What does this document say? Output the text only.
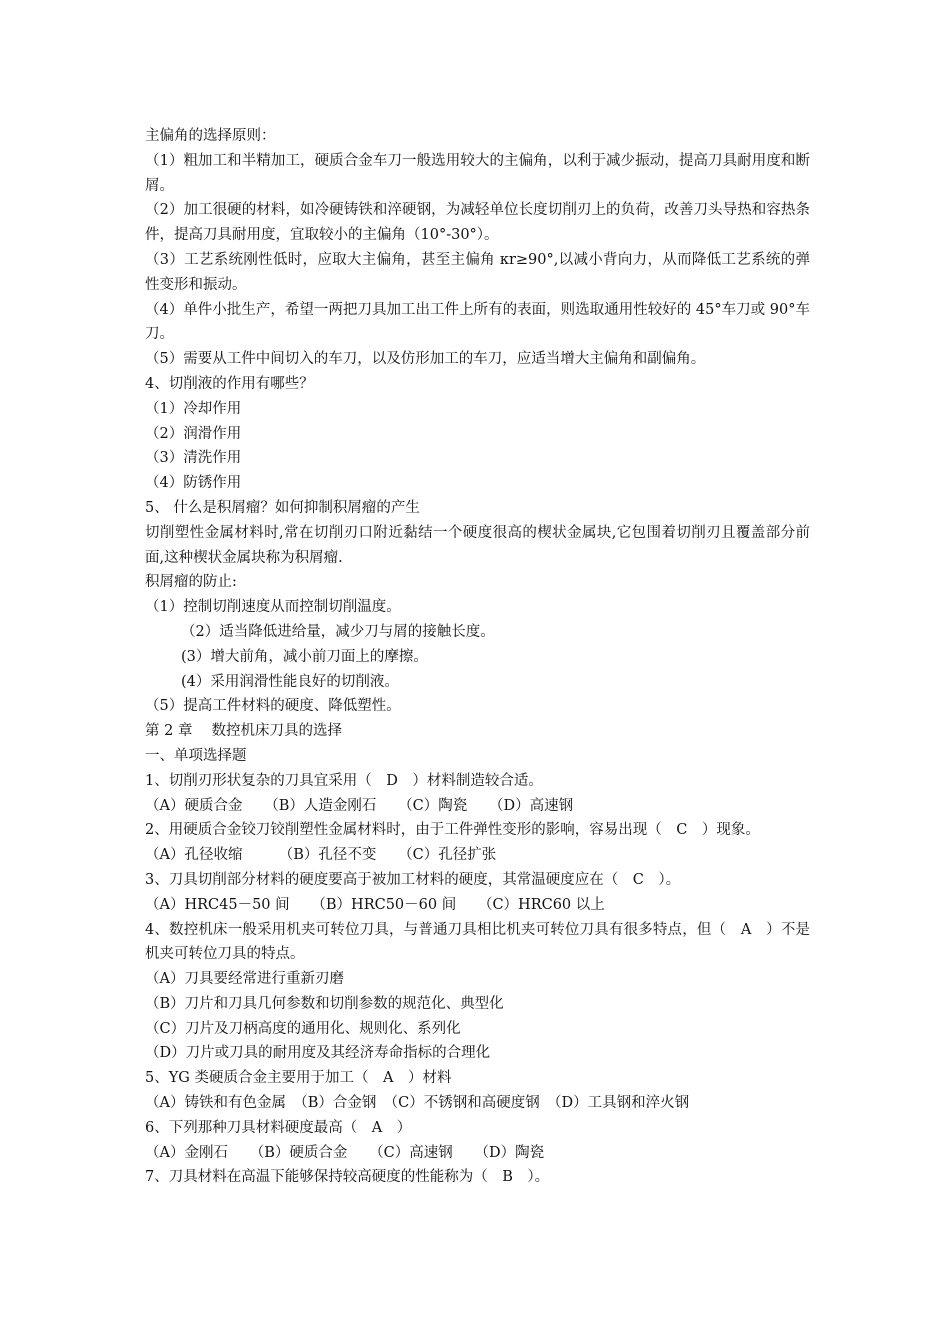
主偏角的选择原则：

（1）粗加工和半精加工，硬质合金车刀一般选用较大的主偏角，以利于减少振动，提高刀具耐用度和断屑。

（2）加工很硬的材料，如冷硬铸铁和淬硬钢，为减轻单位长度切削刃上的负荷，改善刀头导热和容热条件，提高刀具耐用度，宜取较小的主偏角（10°-30°）。

（3）工艺系统刚性低时，应取大主偏角，甚至主偏角 κr≥90°,以减小背向力，从而降低工艺系统的弹性变形和振动。

（4）单件小批生产，希望一两把刀具加工出工件上所有的表面，则选取通用性较好的 45°车刀或 90°车刀。

（5）需要从工件中间切入的车刀，以及仿形加工的车刀，应适当增大主偏角和副偏角。

4、切削液的作用有哪些？

（1）冷却作用

（2）润滑作用

（3）清洗作用

（4）防锈作用

5、 什么是积屑瘤？如何抑制积屑瘤的产生

切削塑性金属材料时,常在切削刃口附近黏结一个硬度很高的楔状金属块,它包围着切削刃且覆盖部分前面,这种楔状金属块称为积屑瘤.

积屑瘤的防止:

（1）控制切削速度从而控制切削温度。

（2）适当降低进给量，减少刀与屑的接触长度。

(3）增大前角，减小前刀面上的摩擦。

(4）采用润滑性能良好的切削液。

（5）提高工件材料的硬度、降低塑性。

第 2 章　 数控机床刀具的选择

一、单项选择题

1、切削刃形状复杂的刀具宜采用（　D　）材料制造较合适。

（A）硬质合金　　（B）人造金刚石　　（C）陶瓷　　（D）高速钢

2、用硬质合金铰刀铰削塑性金属材料时，由于工件弹性变形的影响，容易出现（　C　）现象。

（A）孔径收缩　　　（B）孔径不变　　（C）孔径扩张

3、刀具切削部分材料的硬度要高于被加工材料的硬度，其常温硬度应在（　C　）。

（A）HRC45－50 间　　（B）HRC50－60 间　　（C）HRC60 以上

4、数控机床一般采用机夹可转位刀具，与普通刀具相比机夹可转位刀具有很多特点，但（　A　）不是机夹可转位刀具的特点。

（A）刀具要经常进行重新刃磨

（B）刀片和刀具几何参数和切削参数的规范化、典型化

（C）刀片及刀柄高度的通用化、规则化、系列化

（D）刀片或刀具的耐用度及其经济寿命指标的合理化

5、YG 类硬质合金主要用于加工（　A　）材料

（A）铸铁和有色金属　（B）合金钢　（C）不锈钢和高硬度钢　（D）工具钢和淬火钢

6、下列那种刀具材料硬度最高（　A　）

（A）金刚石　　（B）硬质合金　　（C）高速钢　　（D）陶瓷

7、刀具材料在高温下能够保持较高硬度的性能称为（　B　）。
